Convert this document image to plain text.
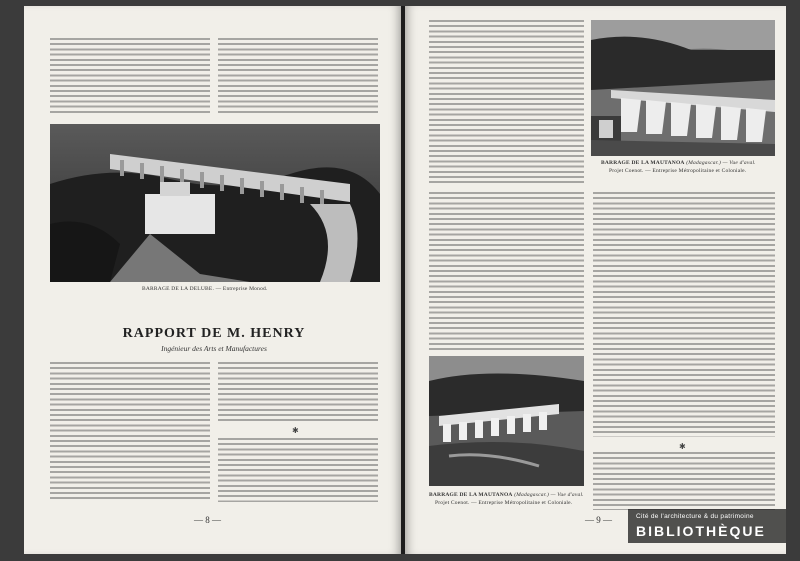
BARRAGE DE LA DELUBE. — Entreprise Monod.
RAPPORT DE M. HENRY
Ingénieur des Arts et Manufactures
✱
— 8 —
BARRAGE DE LA MAUTANOA (Madagascar.) — Vue d'aval.
Projet Coenot. — Entreprise Métropolitaine et Coloniale.
BARRAGE DE LA MAUTANOA (Madagascar.) — Vue d'aval.
Projet Coenot. — Entreprise Métropolitaine et Coloniale.
✱
— 9 —	Cité de l'architecture & du patrimoine
BIBLIOTHÈQUE
